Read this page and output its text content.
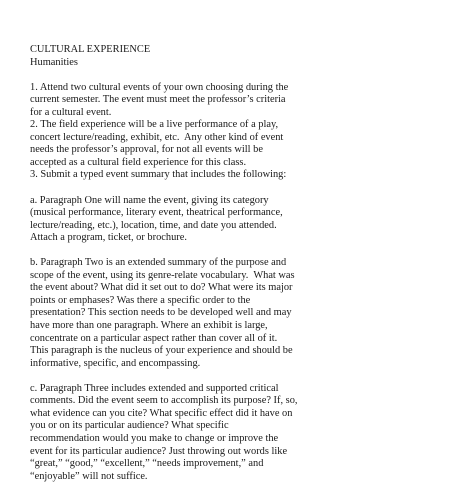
CULTURAL EXPERIENCE
Humanities
1. Attend two cultural events of your own choosing during the
current semester. The event must meet the professor’s criteria
for a cultural event.
2. The field experience will be a live performance of a play,
concert lecture/reading, exhibit, etc.  Any other kind of event
needs the professor’s approval, for not all events will be
accepted as a cultural field experience for this class.
3. Submit a typed event summary that includes the following:
a. Paragraph One will name the event, giving its category
(musical performance, literary event, theatrical performance,
lecture/reading, etc.), location, time, and date you attended.
Attach a program, ticket, or brochure.
b. Paragraph Two is an extended summary of the purpose and
scope of the event, using its genre-relate vocabulary.  What was
the event about? What did it set out to do? What were its major
points or emphases? Was there a specific order to the
presentation? This section needs to be developed well and may
have more than one paragraph. Where an exhibit is large,
concentrate on a particular aspect rather than cover all of it.
This paragraph is the nucleus of your experience and should be
informative, specific, and encompassing.
c. Paragraph Three includes extended and supported critical
comments. Did the event seem to accomplish its purpose? If, so,
what evidence can you cite? What specific effect did it have on
you or on its particular audience? What specific
recommendation would you make to change or improve the
event for its particular audience? Just throwing out words like
“great,” “good,” “excellent,” “needs improvement,” and
“enjoyable” will not suffice.
